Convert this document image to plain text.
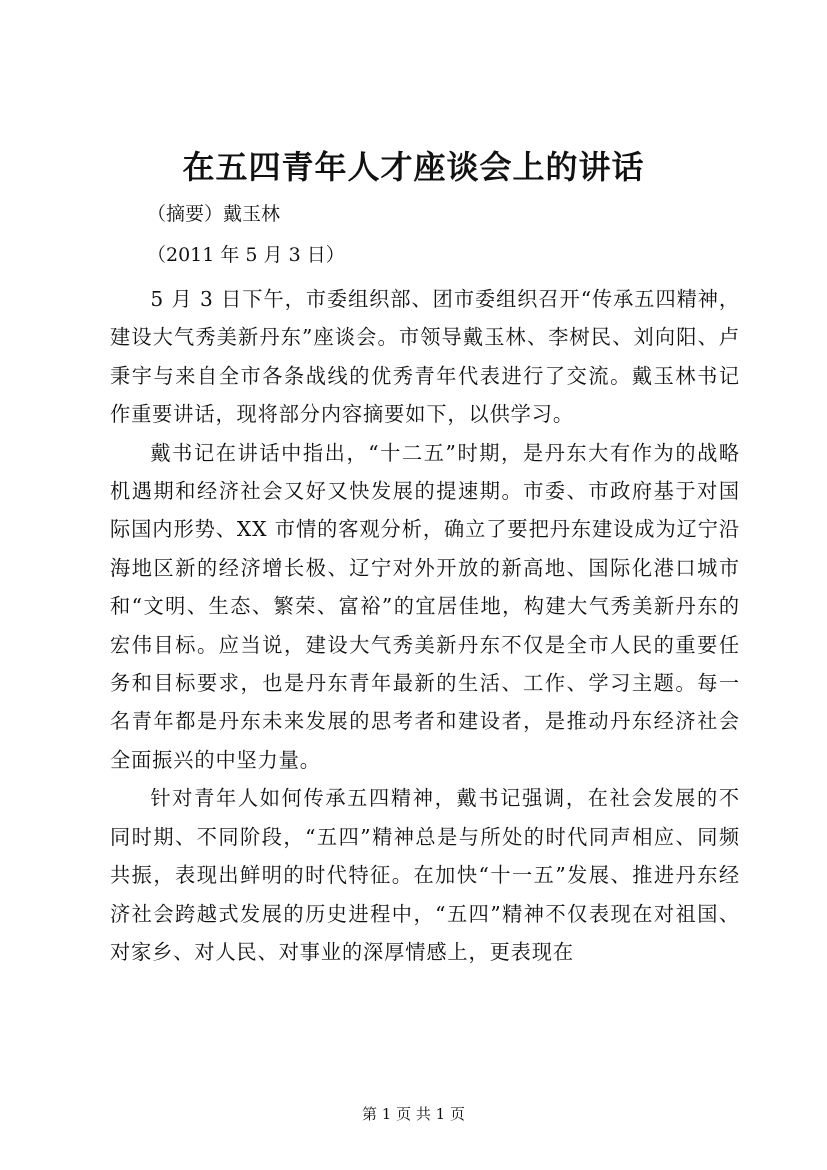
在五四青年人才座谈会上的讲话
（摘要）戴玉林
（2011 年 5 月 3 日）

5 月 3 日下午，市委组织部、团市委组织召开“传承五四精神，建设大气秀美新丹东”座谈会。市领导戴玉林、李树民、刘向阳、卢秉宇与来自全市各条战线的优秀青年代表进行了交流。戴玉林书记作重要讲话，现将部分内容摘要如下，以供学习。

戴书记在讲话中指出，“十二五”时期，是丹东大有作为的战略机遇期和经济社会又好又快发展的提速期。市委、市政府基于对国际国内形势、XX 市情的客观分析，确立了要把丹东建设成为辽宁沿海地区新的经济增长极、辽宁对外开放的新高地、国际化港口城市和“文明、生态、繁荣、富裕”的宜居佳地，构建大气秀美新丹东的宏伟目标。应当说，建设大气秀美新丹东不仅是全市人民的重要任务和目标要求，也是丹东青年最新的生活、工作、学习主题。每一名青年都是丹东未来发展的思考者和建设者，是推动丹东经济社会全面振兴的中坚力量。

针对青年人如何传承五四精神，戴书记强调，在社会发展的不同时期、不同阶段，“五四”精神总是与所处的时代同声相应、同频共振，表现出鲜明的时代特征。在加快“十一五”发展、推进丹东经济社会跨越式发展的历史进程中，“五四”精神不仅表现在对祖国、对家乡、对人民、对事业的深厚情感上，更表现在

第 1 页 共 1 页
